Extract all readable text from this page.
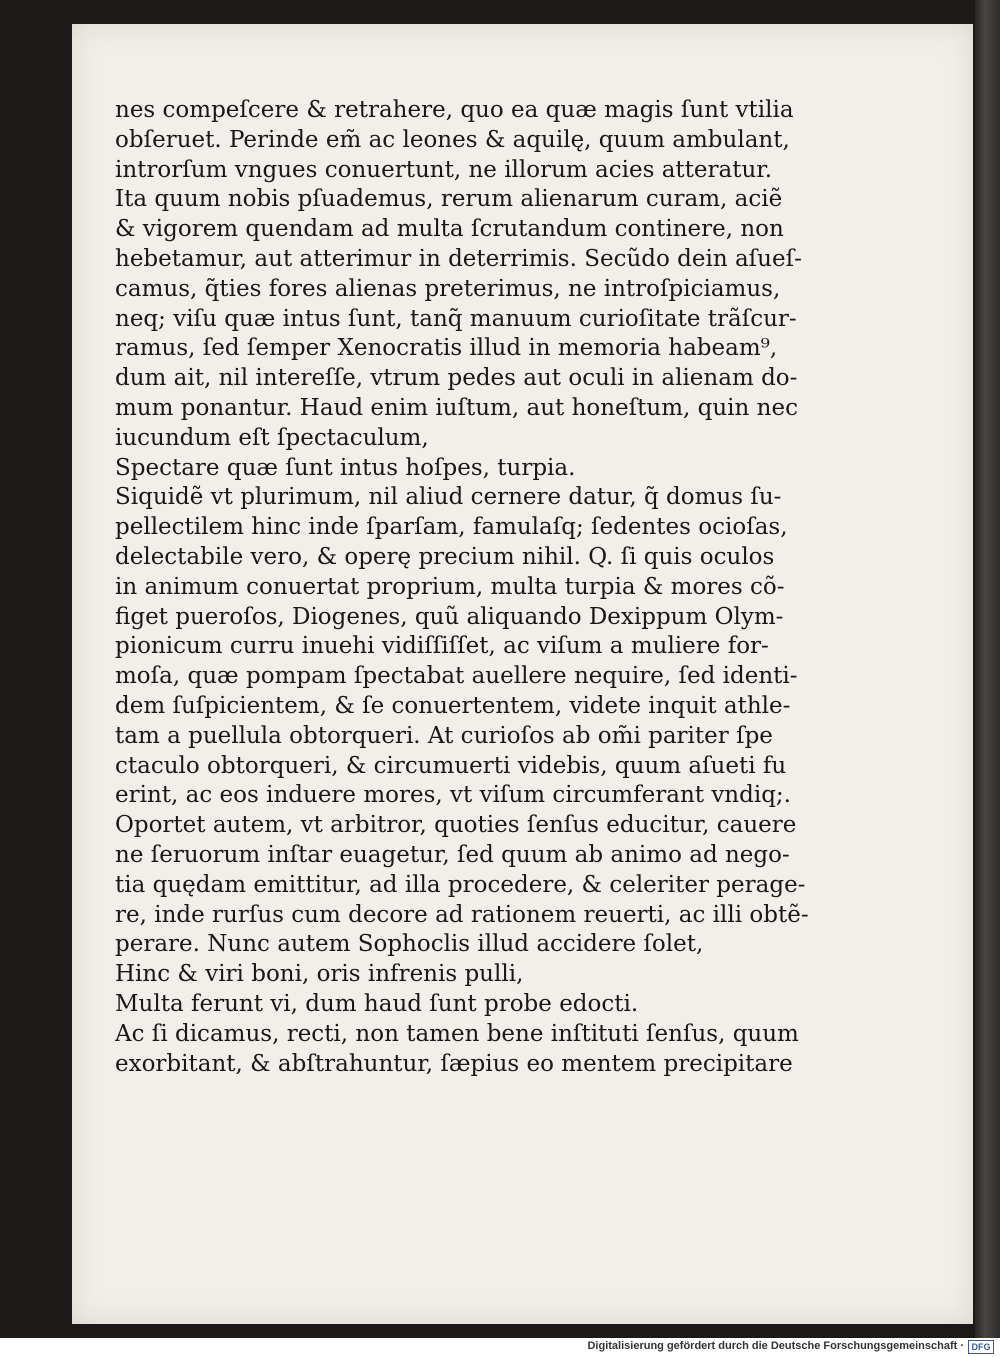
nes compeſcere & retrahere, quo ea quæ magis ſunt vtilia
obſeruet. Perinde em̃ ac leones & aquilę, quum ambulant,
introrſum vngues conuertunt, ne illorum acies atteratur.
Ita quum nobis pſuademus, rerum alienarum curam, aciẽ
& vigorem quendam ad multa ſcrutandum continere, non
hebetamur, aut atterimur in deterrimis. Secũdo dein aſueſ-
camus, q̃ties fores alienas preterimus, ne introſpiciamus,
neq; viſu quæ intus ſunt, tanq̃ manuum curioſitate trãſcur-
ramus, ſed ſemper Xenocratis illud in memoria habeam⁹,
dum ait, nil intereſſe, vtrum pedes aut oculi in alienam do-
mum ponantur. Haud enim iuſtum, aut honeſtum, quin nec
iucundum eſt ſpectaculum,
Spectare quæ ſunt intus hoſpes, turpia.
Siquidẽ vt plurimum, nil aliud cernere datur, q̃ domus ſu-
pellectilem hinc inde ſparſam, famulaſq; ſedentes ocioſas,
delectabile vero, & operę precium nihil. Q. ſi quis oculos
in animum conuertat proprium, multa turpia & mores cõ-
figet pueroſos, Diogenes, quũ aliquando Dexippum Olym-
pionicum curru inuehi vidiſſiſſet, ac viſum a muliere for-
moſa, quæ pompam ſpectabat auellere nequire, ſed identi-
dem ſuſpicientem, & ſe conuertentem, videte inquit athle-
tam a puellula obtorqueri. At curioſos ab om̃i pariter ſpe
ctaculo obtorqueri, & circumuerti videbis, quum aſueti fu
erint, ac eos induere mores, vt viſum circumferant vndiq;.
Oportet autem, vt arbitror, quoties ſenſus educitur, cauere
ne ſeruorum inſtar euagetur, ſed quum ab animo ad nego-
tia quędam emittitur, ad illa procedere, & celeriter perage-
re, inde rurſus cum decore ad rationem reuerti, ac illi obtẽ-
perare. Nunc autem Sophoclis illud accidere ſolet,
Hinc & viri boni, oris infrenis pulli,
Multa ferunt vi, dum haud ſunt probe edocti.
Ac ſi dicamus, recti, non tamen bene inſtituti ſenſus, quum
exorbitant, & abſtrahuntur, ſæpius eo mentem precipitare
Digitalisierung gefördert durch die Deutsche Forschungsgemeinschaft · DFG
